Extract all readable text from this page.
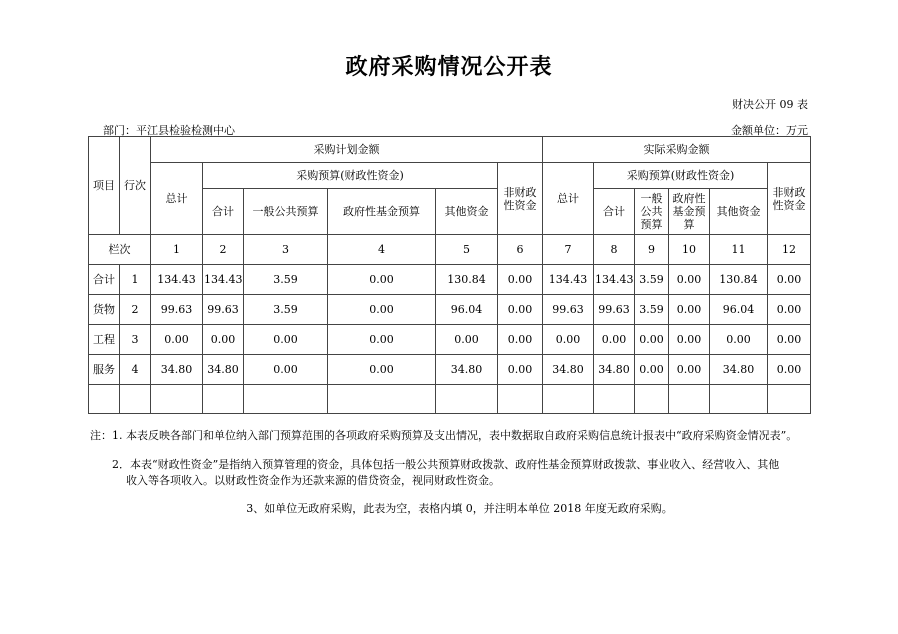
政府采购情况公开表
财决公开 09 表
部门：平江县检验检测中心	金额单位：万元
项目	行次	采购计划金额						实际采购金额					
		总计	采购预算(财政性资金)				非财政性资金	总计	采购预算(财政性资金)				非财政性资金
			合计	一般公共预算	政府性基金预算	其他资金			合计	一般公共预算	政府性基金预算	其他资金	
栏次		1	2	3	4	5	6	7	8	9	10	11	12
合计	1	134.43	134.43	3.59	0.00	130.84	0.00	134.43	134.43	3.59	0.00	130.84	0.00
货物	2	99.63	99.63	3.59	0.00	96.04	0.00	99.63	99.63	3.59	0.00	96.04	0.00
工程	3	0.00	0.00	0.00	0.00	0.00	0.00	0.00	0.00	0.00	0.00	0.00	0.00
服务	4	34.80	34.80	0.00	0.00	34.80	0.00	34.80	34.80	0.00	0.00	34.80	0.00

注：1. 本表反映各部门和单位纳入部门预算范围的各项政府采购预算及支出情况，表中数据取自政府采购信息统计报表中“政府采购资金情况表”。
2．本表“财政性资金”是指纳入预算管理的资金，具体包括一般公共预算财政拨款、政府性基金预算财政拨款、事业收入、经营收入、其他
收入等各项收入。以财政性资金作为还款来源的借贷资金，视同财政性资金。
3、如单位无政府采购，此表为空，表格内填 0，并注明本单位 2018 年度无政府采购。
